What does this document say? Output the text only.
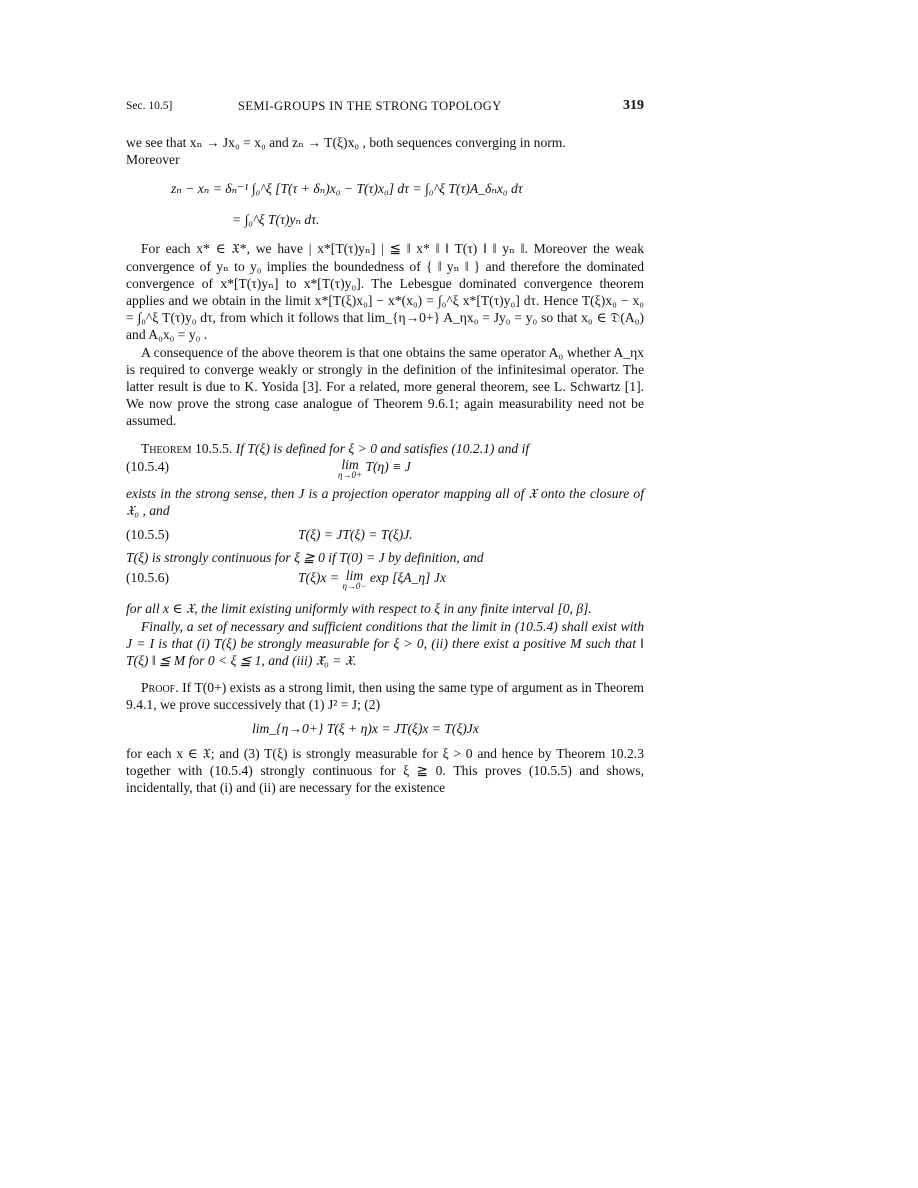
Sec. 10.5]	SEMI-GROUPS IN THE STRONG TOPOLOGY	319

we see that xₙ → Jx₀ = x₀ and zₙ → T(ξ)x₀ , both sequences converging in norm.

Moreover

zₙ − xₙ = δₙ⁻¹ ∫₀^ξ [T(τ + δₙ)x₀ − T(τ)x₀] dτ = ∫₀^ξ T(τ)A_δₙx₀ dτ

= ∫₀^ξ T(τ)yₙ dτ.

For each x* ∈ 𝔛*, we have | x*[T(τ)yₙ] | ≦ ‖ x* ‖ ‖ T(τ) ‖ ‖ yₙ ‖. Moreover the weak convergence of yₙ to y₀ implies the boundedness of { ‖ yₙ ‖ } and therefore the dominated convergence of x*[T(τ)yₙ] to x*[T(τ)y₀]. The Lebesgue dominated convergence theorem applies and we obtain in the limit x*[T(ξ)x₀] − x*(x₀) = ∫₀^ξ x*[T(τ)y₀] dτ. Hence T(ξ)x₀ − x₀ = ∫₀^ξ T(τ)y₀ dτ, from which it follows that lim_{η→0+} A_ηx₀ = Jy₀ = y₀ so that x₀ ∈ 𝔇(A₀) and A₀x₀ = y₀ .

A consequence of the above theorem is that one obtains the same operator A₀ whether A_ηx is required to converge weakly or strongly in the definition of the infinitesimal operator. The latter result is due to K. Yosida [3]. For a related, more general theorem, see L. Schwartz [1]. We now prove the strong case analogue of Theorem 9.6.1; again measurability need not be assumed.

Theorem 10.5.5. If T(ξ) is defined for ξ > 0 and satisfies (10.2.1) and if

(10.5.4)	lim
η→0+
T(η) ≡ J

exists in the strong sense, then J is a projection operator mapping all of 𝔛 onto the closure of 𝔛₀ , and

(10.5.5)	T(ξ) = JT(ξ) = T(ξ)J.

T(ξ) is strongly continuous for ξ ≧ 0 if T(0) = J by definition, and

(10.5.6)	T(ξ)x = lim
η→0−
exp [ξA_η] Jx

for all x ∈ 𝔛, the limit existing uniformly with respect to ξ in any finite interval [0, β].

Finally, a set of necessary and sufficient conditions that the limit in (10.5.4) shall exist with J = I is that (i) T(ξ) be strongly measurable for ξ > 0, (ii) there exist a positive M such that ‖ T(ξ) ‖ ≦ M for 0 < ξ ≦ 1, and (iii) 𝔛̄₀ = 𝔛.

Proof. If T(0+) exists as a strong limit, then using the same type of argument as in Theorem 9.4.1, we prove successively that (1) J² = J; (2)

lim_{η→0+} T(ξ + η)x = JT(ξ)x = T(ξ)Jx

for each x ∈ 𝔛; and (3) T(ξ) is strongly measurable for ξ > 0 and hence by Theorem 10.2.3 together with (10.5.4) strongly continuous for ξ ≧ 0. This proves (10.5.5) and shows, incidentally, that (i) and (ii) are necessary for the existence
